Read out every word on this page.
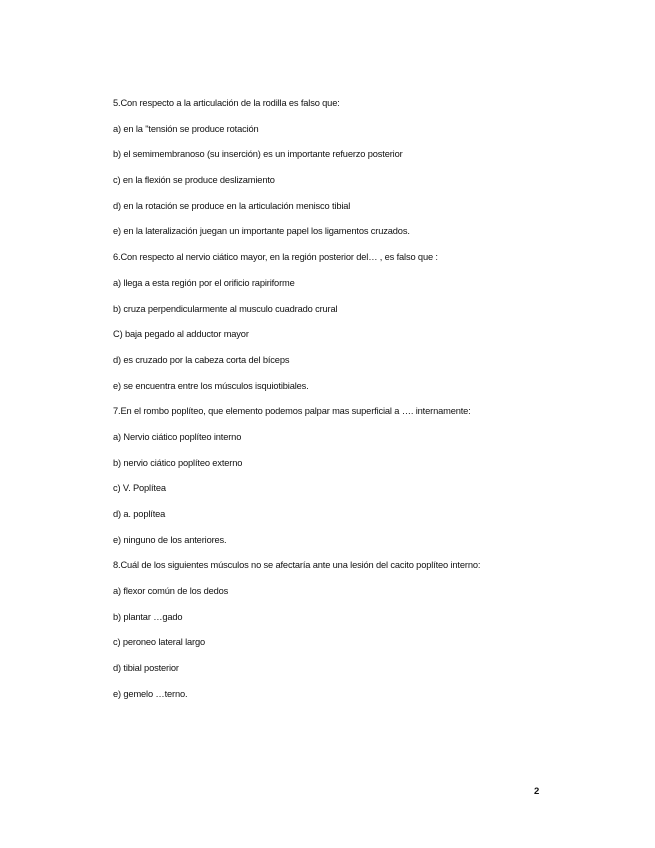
5.Con respecto a la articulación de la rodilla es falso que:
a) en la "tensión se produce rotación
b) el semimembranoso (su inserción) es un importante refuerzo posterior
c) en la flexión se produce deslizamiento
d) en la rotación se produce en la articulación menisco tibial
e) en la lateralización juegan un importante papel los ligamentos cruzados.
6.Con respecto al nervio ciático mayor, en la región posterior del… , es falso que :
a) llega a esta región por el orificio rapiriforme
b) cruza perpendicularmente al musculo cuadrado crural
C) baja pegado al adductor mayor
d) es cruzado por la cabeza corta del bíceps
e) se encuentra entre los músculos isquiotibiales.
7.En el rombo poplíteo, que elemento podemos palpar mas superficial a …. internamente:
a) Nervio ciático poplíteo interno
b) nervio ciático poplíteo externo
c) V. Poplítea
d) a. poplítea
e) ninguno de los anteriores.
8.Cuál de los siguientes músculos no se afectaría ante una lesión del cacito poplíteo interno:
a) flexor común de los dedos
b) plantar …gado
c) peroneo lateral largo
d) tibial posterior
e) gemelo …terno.
2
